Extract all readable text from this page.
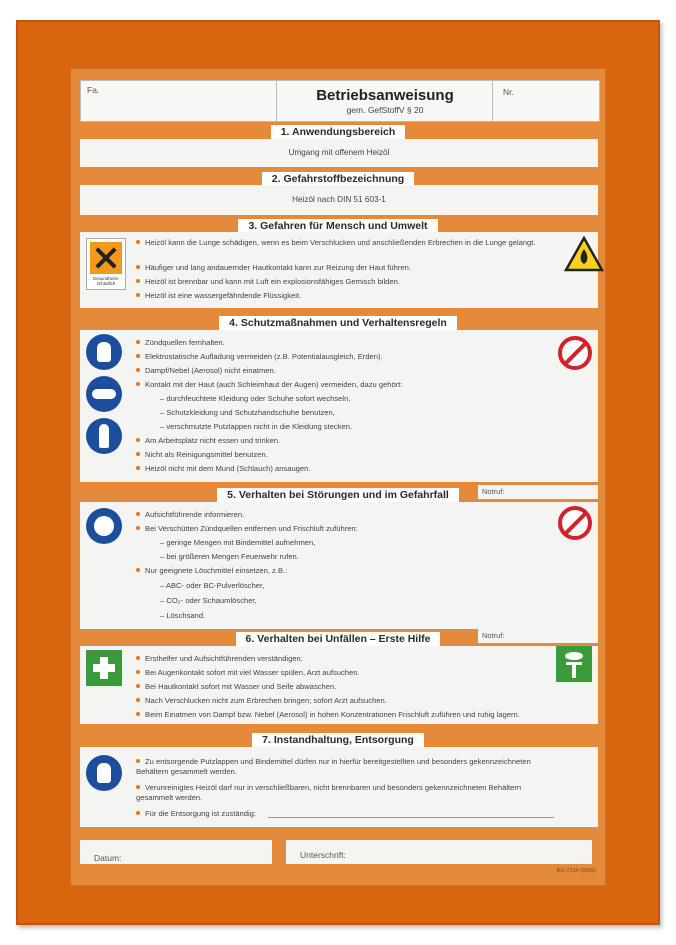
Fa.	Betriebsanweisung
gem. GefStoffV § 20
Nr.
1. Anwendungsbereich
Umgang mit offenem Heizöl
2. Gefahrstoffbezeichnung
Heizöl nach DIN 51 603-1
3. Gefahren für Mensch und Umwelt
Gesundheits-schädlich
Heizöl kann die Lunge schädigen, wenn es beim Verschlucken und anschließenden Erbrechen in die Lunge gelangt.
Häufiger und lang andauernder Hautkontakt kann zur Reizung der Haut führen.
Heizöl ist brennbar und kann mit Luft ein explosionsfähiges Gemisch bilden.
Heizöl ist eine wassergefährdende Flüssigkeit.
4. Schutzmaßnahmen und Verhaltensregeln
Zündquellen fernhalten.
Elektrostatische Aufladung vermeiden (z.B. Potentialausgleich, Erden).
Dampf/Nebel (Aerosol) nicht einatmen.
Kontakt mit der Haut (auch Schleimhaut der Augen) vermeiden, dazu gehört:
– durchfeuchtete Kleidung oder Schuhe sofort wechseln,
– Schutzkleidung und Schutzhandschuhe benutzen,
– verschmutzte Putzlappen nicht in die Kleidung stecken.
Am Arbeitsplatz nicht essen und trinken.
Nicht als Reinigungsmittel benutzen.
Heizöl nicht mit dem Mund (Schlauch) ansaugen.
5. Verhalten bei Störungen und im Gefahrfall	Notruf:
Aufsichtführende informieren.
Bei Verschütten Zündquellen entfernen und Frischluft zuführen:
– geringe Mengen mit Bindemittel aufnehmen,
– bei größeren Mengen Feuerwehr rufen.
Nur geeignete Löschmittel einsetzen, z.B.:
– ABC- oder BC-Pulverlöscher,
– CO₂- oder Schaumlöscher,
– Löschsand.
6. Verhalten bei Unfällen – Erste Hilfe	Notruf:
Ersthelfer und Aufsichtführenden verständigen.
Bei Augenkontakt sofort mit viel Wasser spülen, Arzt aufsuchen.
Bei Hautkontakt sofort mit Wasser und Seife abwaschen.
Nach Verschlucken nicht zum Erbrechen bringen; sofort Arzt aufsuchen.
Beim Einatmen von Dampf bzw. Nebel (Aerosol) in hohen Konzentrationen Frischluft zuführen und ruhig lagern.
7. Instandhaltung, Entsorgung
Zu entsorgende Putzlappen und Bindemittel dürfen nur in hierfür bereitgestellten und besonders gekennzeichneten Behältern gesammelt werden.
Verunreinigtes Heizöl darf nur in verschließbaren, nicht brennbaren und besonders gekennzeichneten Behältern gesammelt werden.
Für die Entsorgung ist zuständig:
Datum:	Unterschrift:
BG-7234 (6836)
